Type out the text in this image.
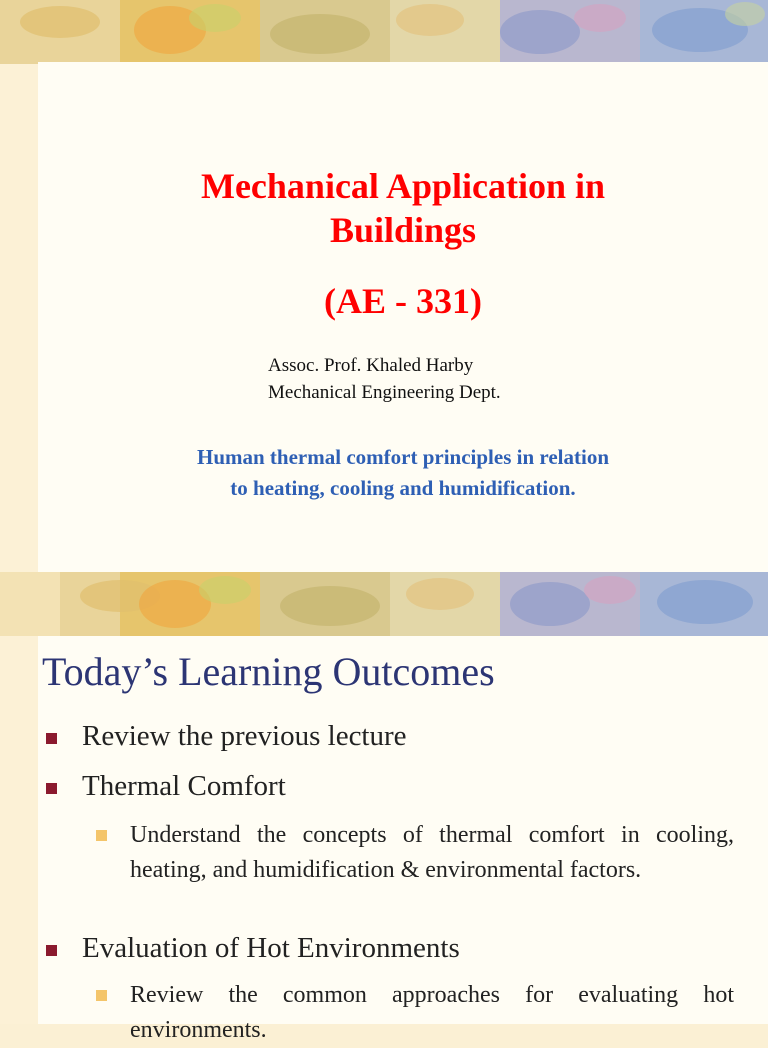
Mechanical Application in
Buildings
(AE - 331)
Assoc. Prof. Khaled Harby
Mechanical Engineering Dept.
Human thermal comfort principles in relation
to heating, cooling and humidification.
Today’s Learning Outcomes
Review the previous lecture
Thermal Comfort
Understand the concepts of thermal comfort in cooling, heating, and humidification & environmental factors.
Evaluation of Hot Environments
Review the common approaches for evaluating hot environments.
